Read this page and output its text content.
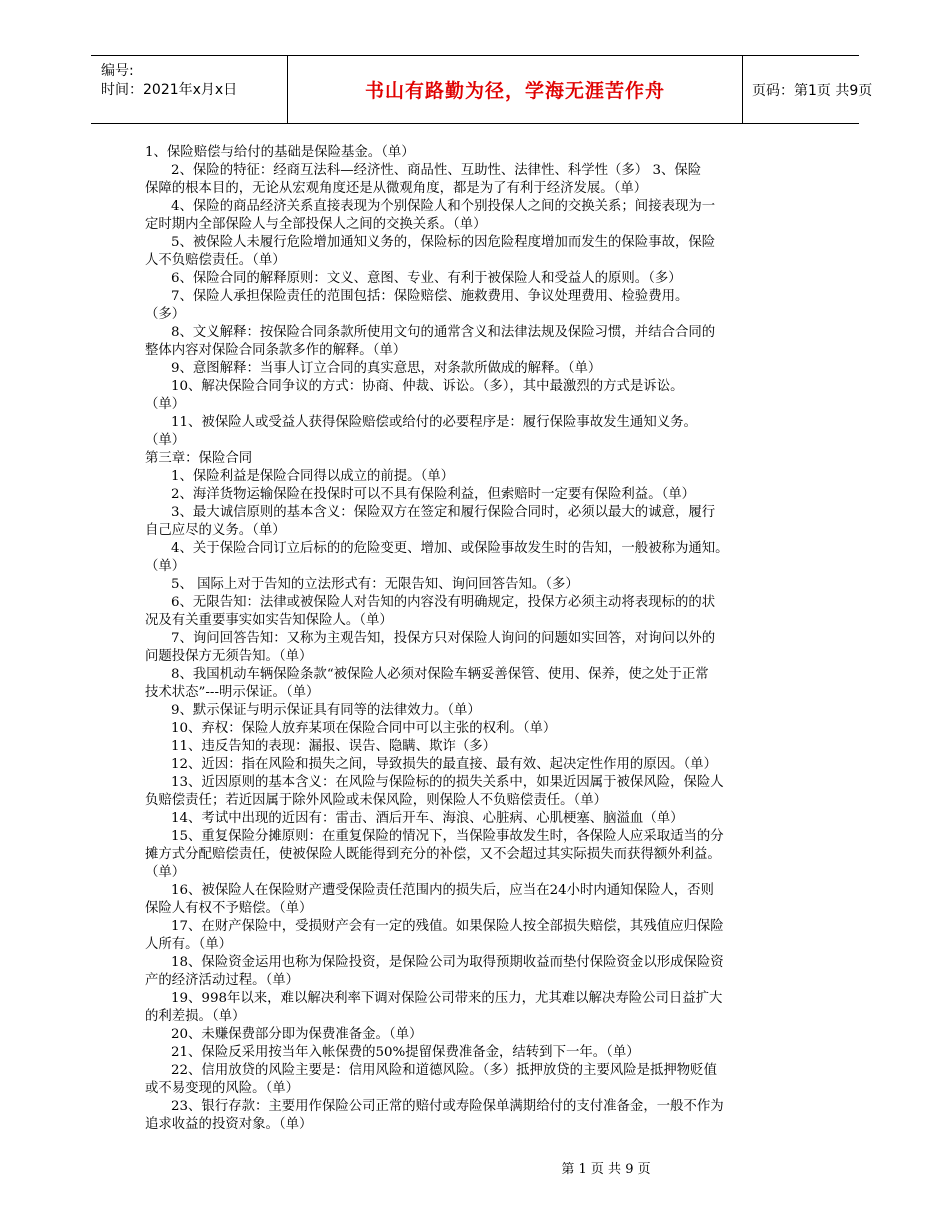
编号:
时间：2021年x月x日	书山有路勤为径，学海无涯苦作舟	页码：第1页 共9页
1、保险赔偿与给付的基础是保险基金。（单）
2、保险的特征：经商互法科—经济性、商品性、互助性、法律性、科学性（多） 3、保险
保障的根本目的，无论从宏观角度还是从微观角度，都是为了有利于经济发展。（单）
4、保险的商品经济关系直接表现为个别保险人和个别投保人之间的交换关系；间接表现为一
定时期内全部保险人与全部投保人之间的交换关系。（单）
5、被保险人未履行危险增加通知义务的，保险标的因危险程度增加而发生的保险事故，保险
人不负赔偿责任。（单）
6、保险合同的解释原则：文义、意图、专业、有利于被保险人和受益人的原则。（多）
7、保险人承担保险责任的范围包括：保险赔偿、施救费用、争议处理费用、检验费用。
（多）
8、文义解释：按保险合同条款所使用文句的通常含义和法律法规及保险习惯，并结合合同的
整体内容对保险合同条款多作的解释。（单）
9、意图解释：当事人订立合同的真实意思，对条款所做成的解释。（单）
10、解决保险合同争议的方式：协商、仲裁、诉讼。（多），其中最激烈的方式是诉讼。
（单）
11、被保险人或受益人获得保险赔偿或给付的必要程序是：履行保险事故发生通知义务。
（单）
第三章：保险合同
1、保险利益是保险合同得以成立的前提。（单）
2、海洋货物运输保险在投保时可以不具有保险利益，但索赔时一定要有保险利益。（单）
3、最大诚信原则的基本含义：保险双方在签定和履行保险合同时，必须以最大的诚意，履行
自己应尽的义务。（单）
4、关于保险合同订立后标的的危险变更、增加、或保险事故发生时的告知，一般被称为通知。
（单）
5、 国际上对于告知的立法形式有：无限告知、询问回答告知。（多）
6、无限告知：法律或被保险人对告知的内容没有明确规定，投保方必须主动将表现标的的状
况及有关重要事实如实告知保险人。（单）
7、询问回答告知：又称为主观告知，投保方只对保险人询问的问题如实回答，对询问以外的
问题投保方无须告知。（单）
8、我国机动车辆保险条款“被保险人必须对保险车辆妥善保管、使用、保养，使之处于正常
技术状态”---明示保证。（单）
9、默示保证与明示保证具有同等的法律效力。（单）
10、弃权：保险人放弃某项在保险合同中可以主张的权利。（单）
11、违反告知的表现：漏报、误告、隐瞒、欺诈（多）
12、近因：指在风险和损失之间，导致损失的最直接、最有效、起决定性作用的原因。（单）
13、近因原则的基本含义：在风险与保险标的的损失关系中，如果近因属于被保风险，保险人
负赔偿责任；若近因属于除外风险或未保风险，则保险人不负赔偿责任。（单）
14、考试中出现的近因有：雷击、酒后开车、海浪、心脏病、心肌梗塞、脑溢血（单）
15、重复保险分摊原则：在重复保险的情况下，当保险事故发生时，各保险人应采取适当的分
摊方式分配赔偿责任，使被保险人既能得到充分的补偿，又不会超过其实际损失而获得额外利益。
（单）
16、被保险人在保险财产遭受保险责任范围内的损失后，应当在24小时内通知保险人，否则
保险人有权不予赔偿。（单）
17、在财产保险中，受损财产会有一定的残值。如果保险人按全部损失赔偿，其残值应归保险
人所有。（单）
18、保险资金运用也称为保险投资，是保险公司为取得预期收益而垫付保险资金以形成保险资
产的经济活动过程。（单）
19、998年以来，难以解决利率下调对保险公司带来的压力，尤其难以解决寿险公司日益扩大
的利差损。（单）
20、未赚保费部分即为保费准备金。（单）
21、保险反采用按当年入帐保费的50%提留保费准备金，结转到下一年。（单）
22、信用放贷的风险主要是：信用风险和道德风险。（多）抵押放贷的主要风险是抵押物贬值
或不易变现的风险。（单）
23、银行存款：主要用作保险公司正常的赔付或寿险保单满期给付的支付准备金，一般不作为
追求收益的投资对象。（单）
第 1 页 共 9 页
